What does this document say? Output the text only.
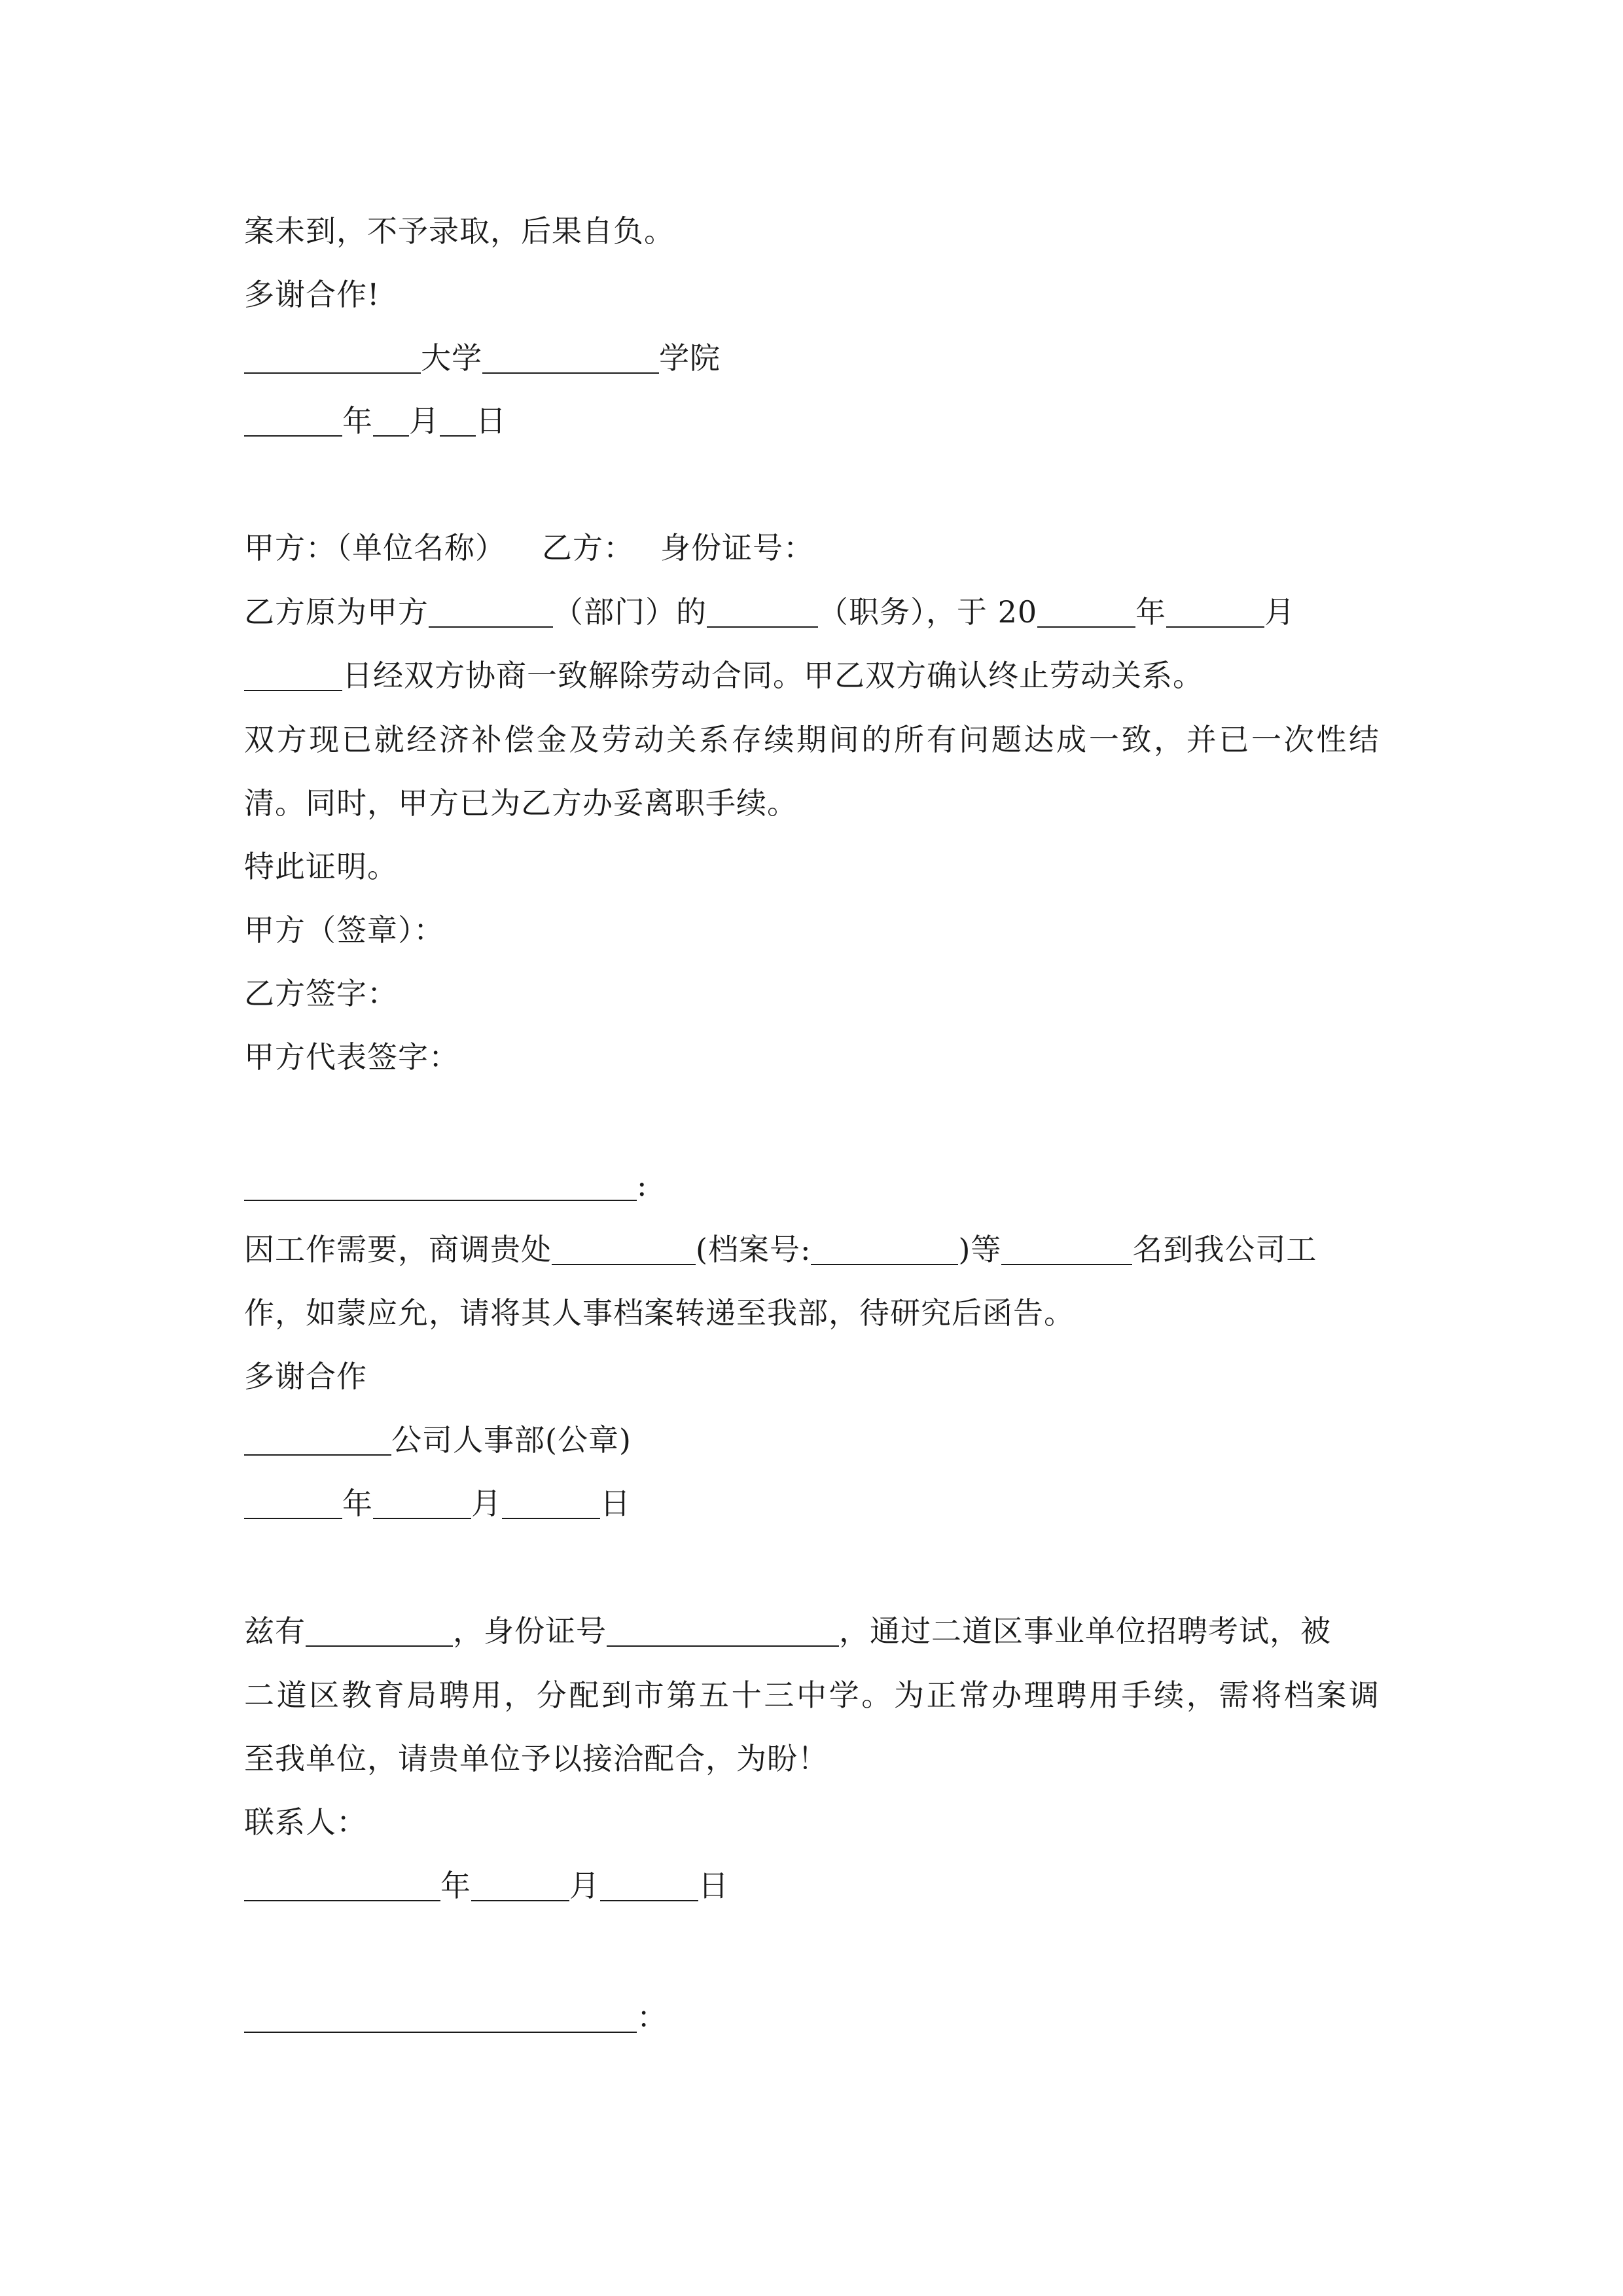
案未到，不予录取，后果自负。
多谢合作!
大学	学院
年 月 日
甲方：（单位名称） 乙方： 身份证号：
乙方原为甲方	（部门）的	（职务），于 20	年	月
日经双方协商一致解除劳动合同。甲乙双方确认终止劳动关系。
双方现已就经济补偿金及劳动关系存续期间的所有问题达成一致，并已一次性结
清。同时，甲方已为乙方办妥离职手续。
特此证明。
甲方（签章）：
乙方签字：
甲方代表签字：
:
因工作需要，商调贵处	(档案号:	)等	名到我公司工
作，如蒙应允，请将其人事档案转递至我部，待研究后函告。
多谢合作
公司人事部(公章)
年	月	日
兹有	，身份证号	，通过二道区事业单位招聘考试，被
二道区教育局聘用，分配到市第五十三中学。为正常办理聘用手续，需将档案调
至我单位，请贵单位予以接洽配合，为盼！
联系人：
年	月	日
：
